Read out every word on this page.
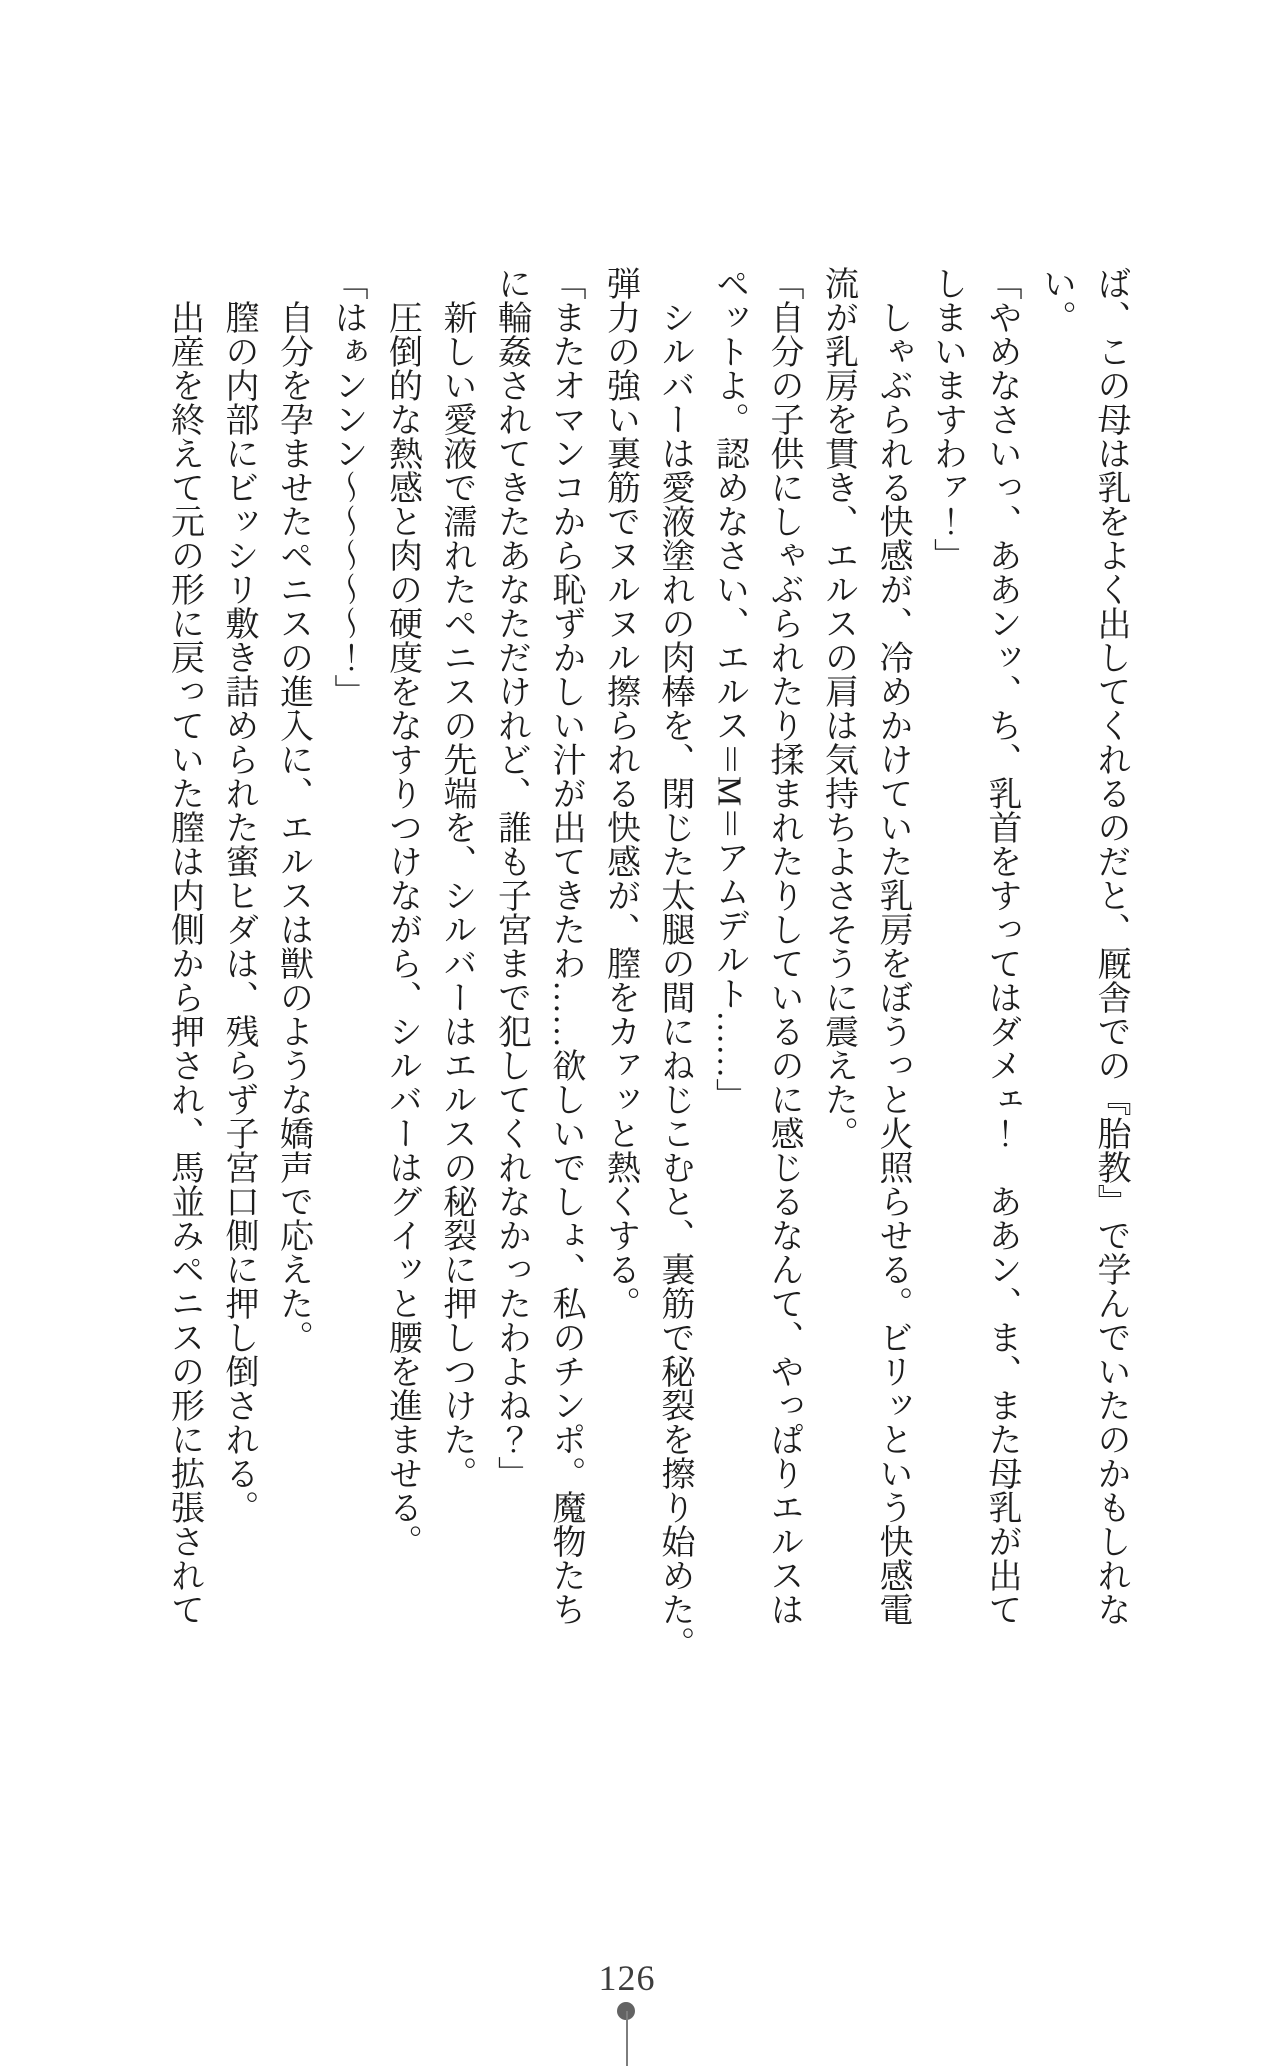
ば、この母は乳をよく出してくれるのだと、厩舎での『胎教』で学んでいたのかもしれな
い。
「やめなさいっ、ああンッ、ち、乳首をすってはダメェ！　ああン、ま、また母乳が出て
しまいますわァ！」
　しゃぶられる快感が、冷めかけていた乳房をぼうっと火照らせる。ビリッという快感電
流が乳房を貫き、エルスの肩は気持ちよさそうに震えた。
「自分の子供にしゃぶられたり揉まれたりしているのに感じるなんて、やっぱりエルスは
ペットよ。認めなさい、エルス＝M＝アムデルト……」
　シルバーは愛液塗れの肉棒を、閉じた太腿の間にねじこむと、裏筋で秘裂を擦り始めた。
弾力の強い裏筋でヌルヌル擦られる快感が、膣をカァッと熱くする。
「またオマンコから恥ずかしい汁が出てきたわ……欲しいでしょ、私のチンポ。魔物たち
に輪姦されてきたあなただけれど、誰も子宮まで犯してくれなかったわよね？」
　新しい愛液で濡れたペニスの先端を、シルバーはエルスの秘裂に押しつけた。
　圧倒的な熱感と肉の硬度をなすりつけながら、シルバーはグイッと腰を進ませる。
「はぁンンン～～～～～！」
　自分を孕ませたペニスの進入に、エルスは獣のような嬌声で応えた。
　膣の内部にビッシリ敷き詰められた蜜ヒダは、残らず子宮口側に押し倒される。
　出産を終えて元の形に戻っていた膣は内側から押され、馬並みペニスの形に拡張されて
126
